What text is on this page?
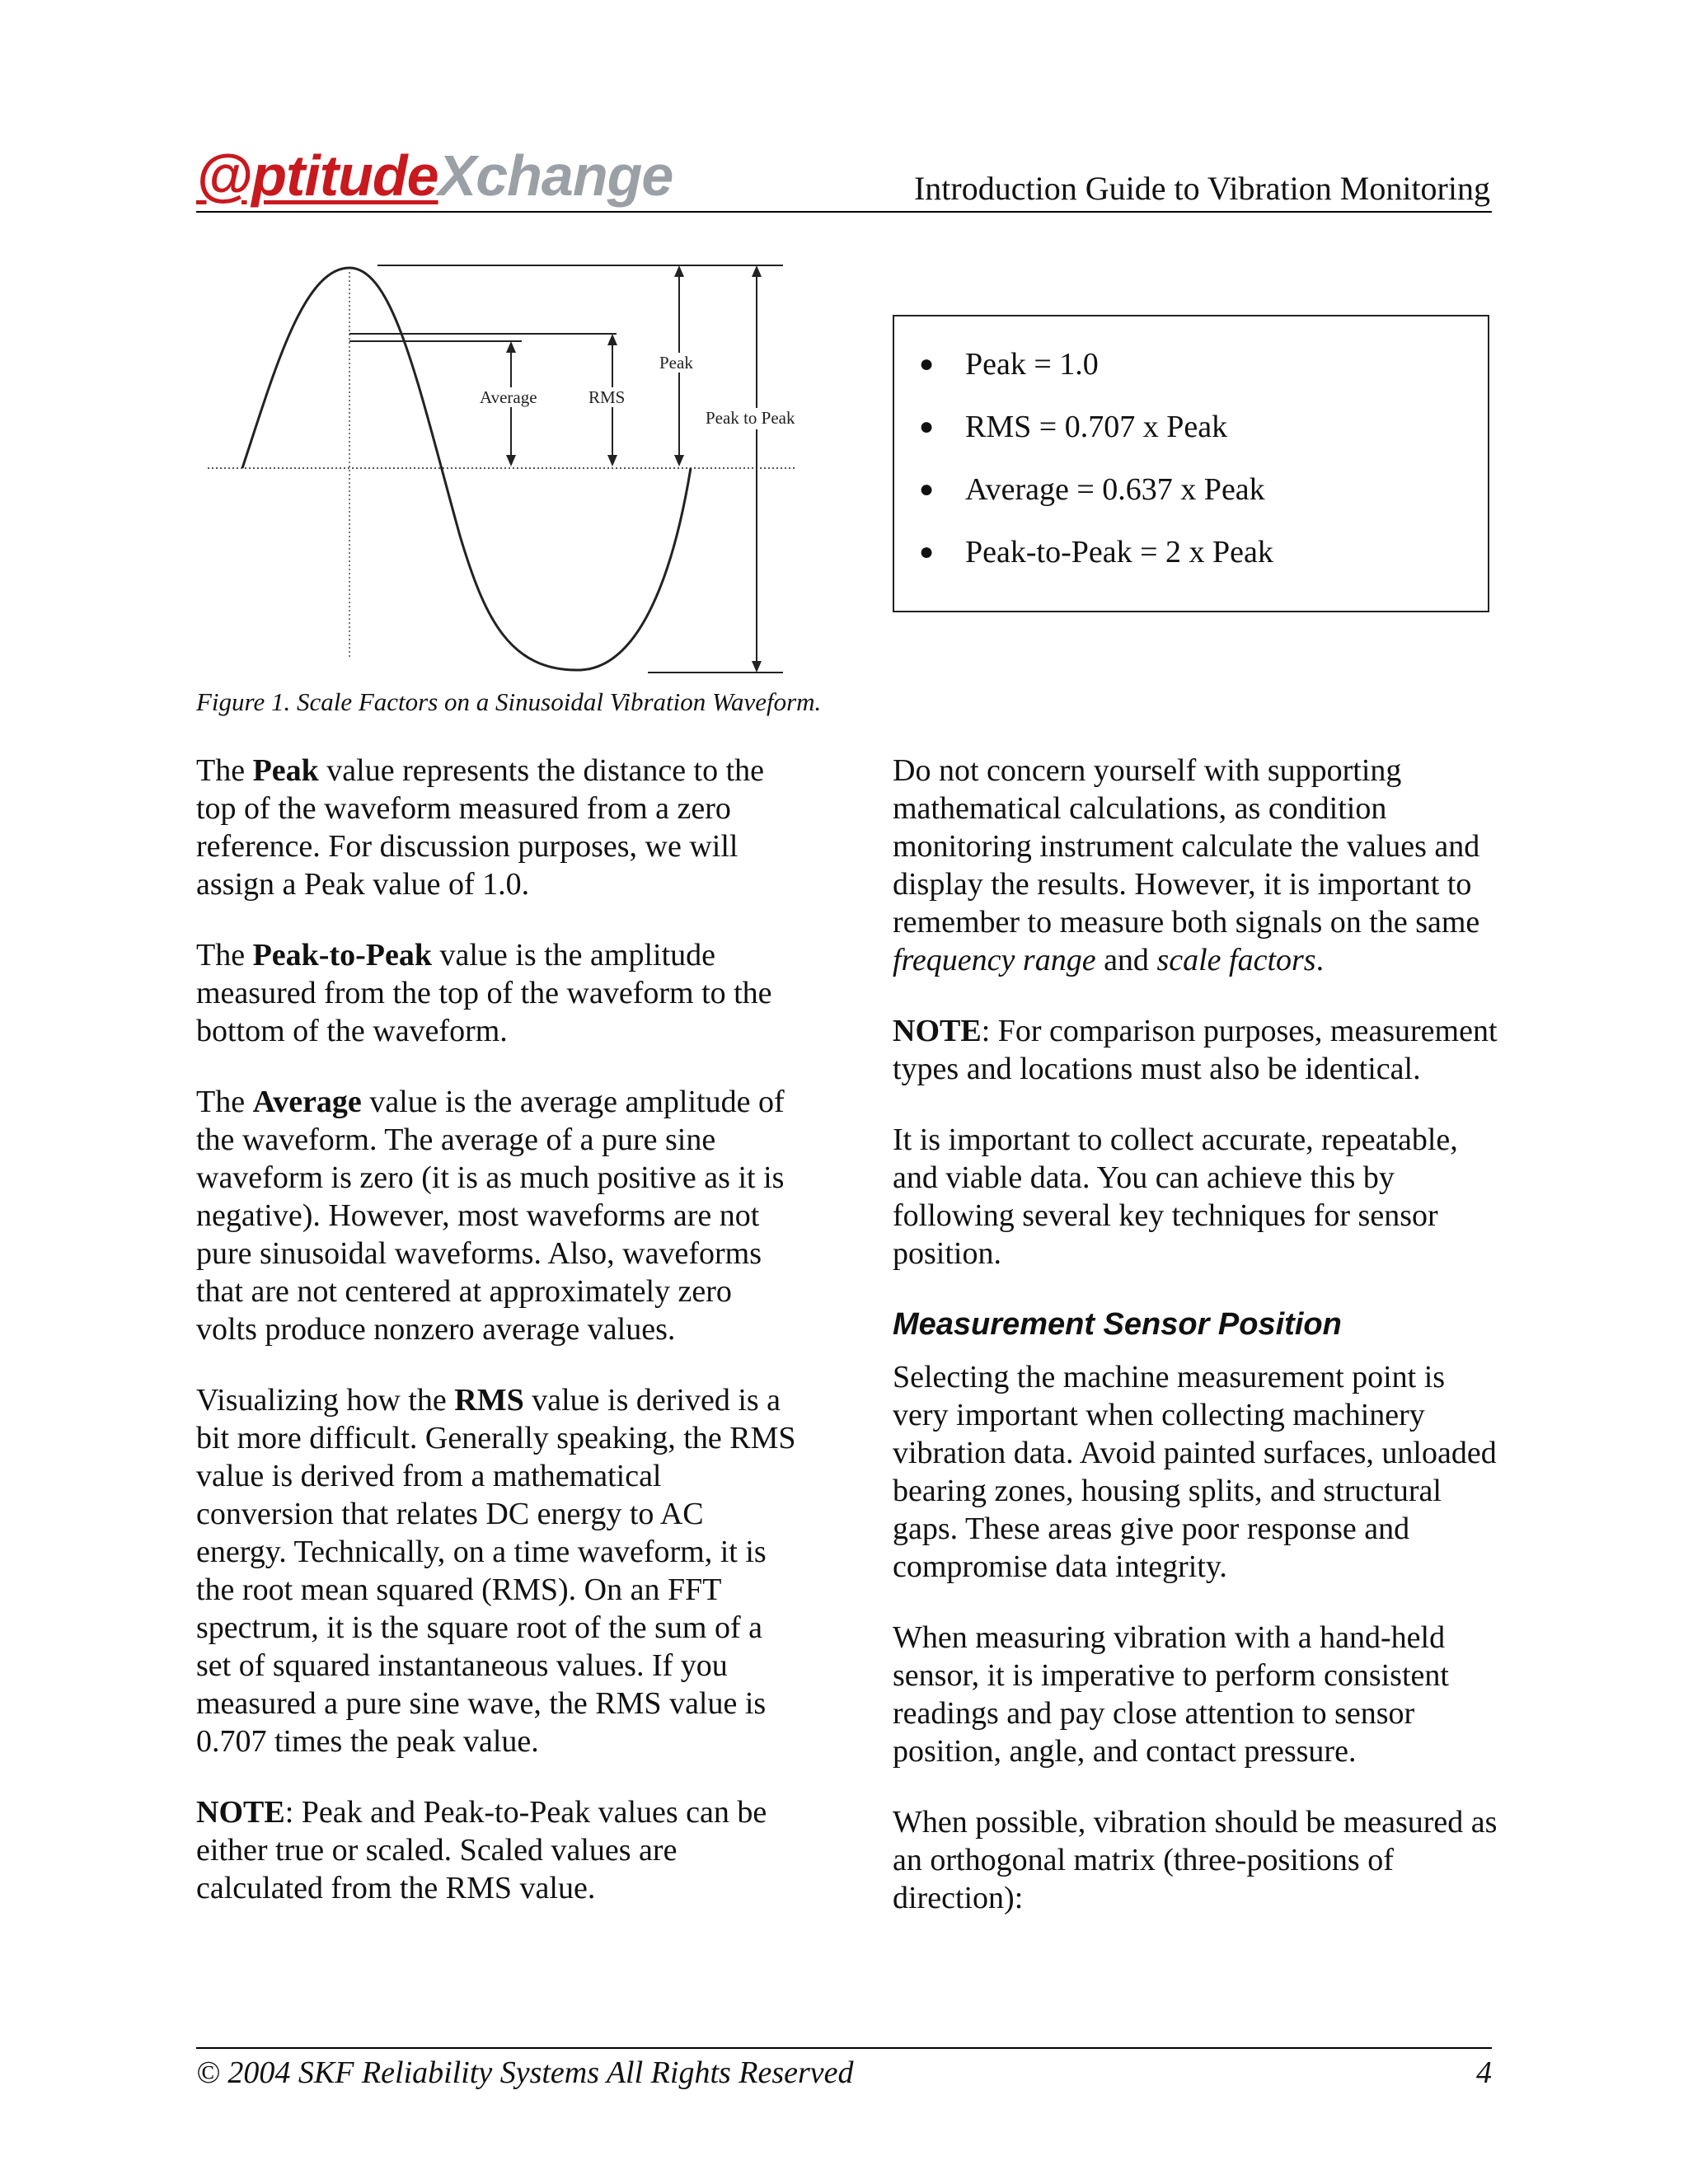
@ptitudeXchange	Introduction Guide to Vibration Monitoring
Average	RMS
Peak
Peak to Peak
● Peak = 1.0
● RMS = 0.707 x Peak
● Average = 0.637 x Peak
● Peak-to-Peak = 2 x Peak
Figure 1. Scale Factors on a Sinusoidal Vibration Waveform.

The Peak value represents the distance to the top of the waveform measured from a zero reference. For discussion purposes, we will assign a Peak value of 1.0.

The Peak-to-Peak value is the amplitude measured from the top of the waveform to the bottom of the waveform.

The Average value is the average amplitude of the waveform. The average of a pure sine waveform is zero (it is as much positive as it is negative). However, most waveforms are not pure sinusoidal waveforms. Also, waveforms that are not centered at approximately zero volts produce nonzero average values.

Visualizing how the RMS value is derived is a bit more difficult. Generally speaking, the RMS value is derived from a mathematical conversion that relates DC energy to AC energy. Technically, on a time waveform, it is the root mean squared (RMS). On an FFT spectrum, it is the square root of the sum of a set of squared instantaneous values. If you measured a pure sine wave, the RMS value is 0.707 times the peak value.

NOTE: Peak and Peak-to-Peak values can be either true or scaled. Scaled values are calculated from the RMS value.

Do not concern yourself with supporting mathematical calculations, as condition monitoring instrument calculate the values and display the results. However, it is important to remember to measure both signals on the same frequency range and scale factors.

NOTE: For comparison purposes, measurement types and locations must also be identical.

It is important to collect accurate, repeatable, and viable data. You can achieve this by following several key techniques for sensor position.

Measurement Sensor Position

Selecting the machine measurement point is very important when collecting machinery vibration data. Avoid painted surfaces, unloaded bearing zones, housing splits, and structural gaps. These areas give poor response and compromise data integrity.

When measuring vibration with a hand-held sensor, it is imperative to perform consistent readings and pay close attention to sensor position, angle, and contact pressure.

When possible, vibration should be measured as an orthogonal matrix (three-positions of direction):

© 2004 SKF Reliability Systems All Rights Reserved	4
